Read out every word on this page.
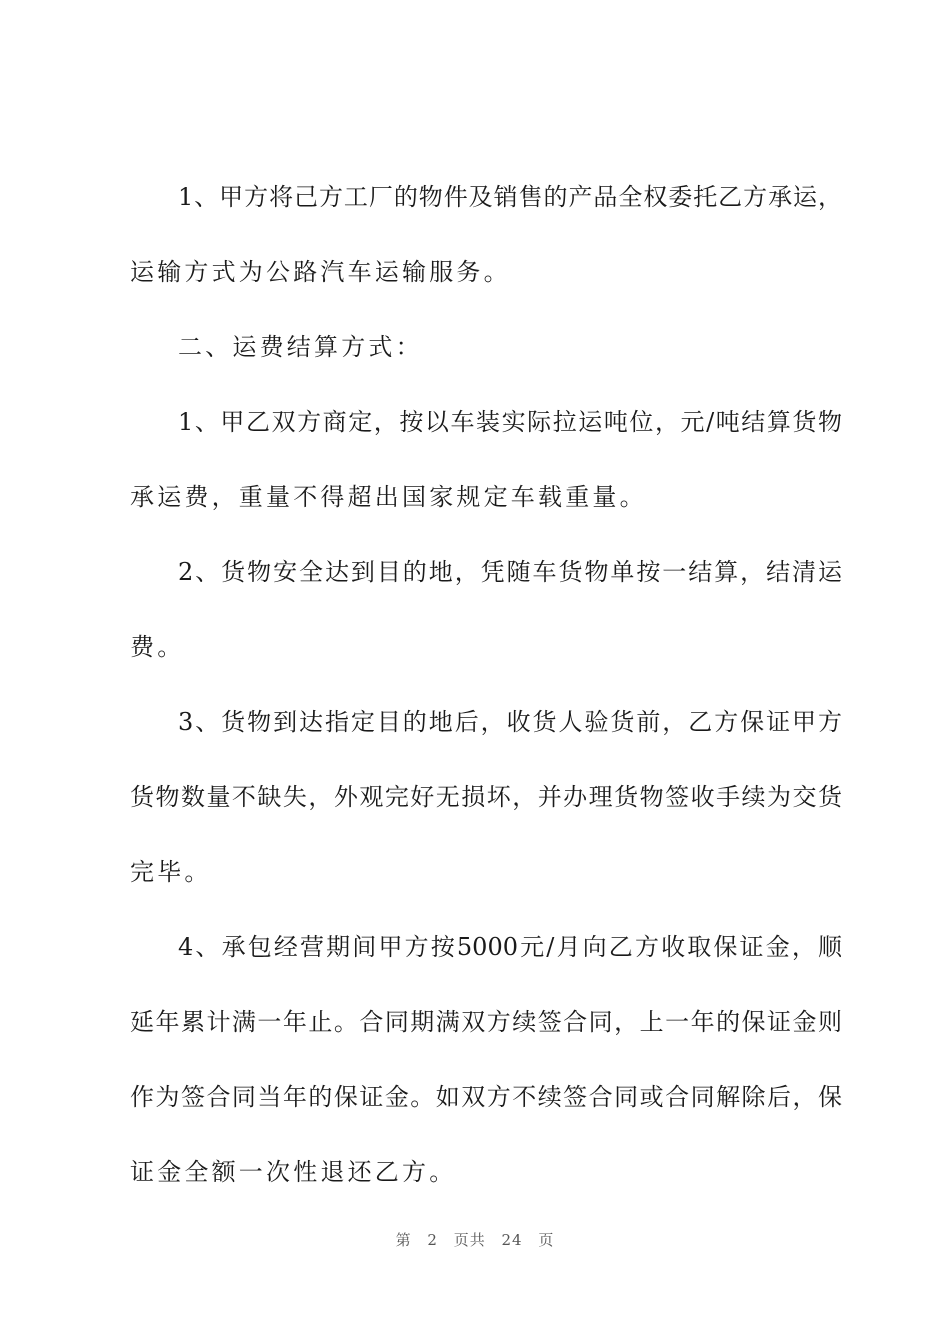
1、甲方将己方工厂的物件及销售的产品全权委托乙方承运，
运输方式为公路汽车运输服务。
二、运费结算方式：
1、甲乙双方商定，按以车装实际拉运吨位，元/吨结算货物
承运费，重量不得超出国家规定车载重量。
2、货物安全达到目的地，凭随车货物单按一结算，结清运
费。
3、货物到达指定目的地后，收货人验货前，乙方保证甲方
货物数量不缺失，外观完好无损坏，并办理货物签收手续为交货
完毕。
4、承包经营期间甲方按5000元/月向乙方收取保证金，顺
延年累计满一年止。合同期满双方续签合同，上一年的保证金则
作为签合同当年的保证金。如双方不续签合同或合同解除后，保
证金全额一次性退还乙方。
第 2 页共 24 页
